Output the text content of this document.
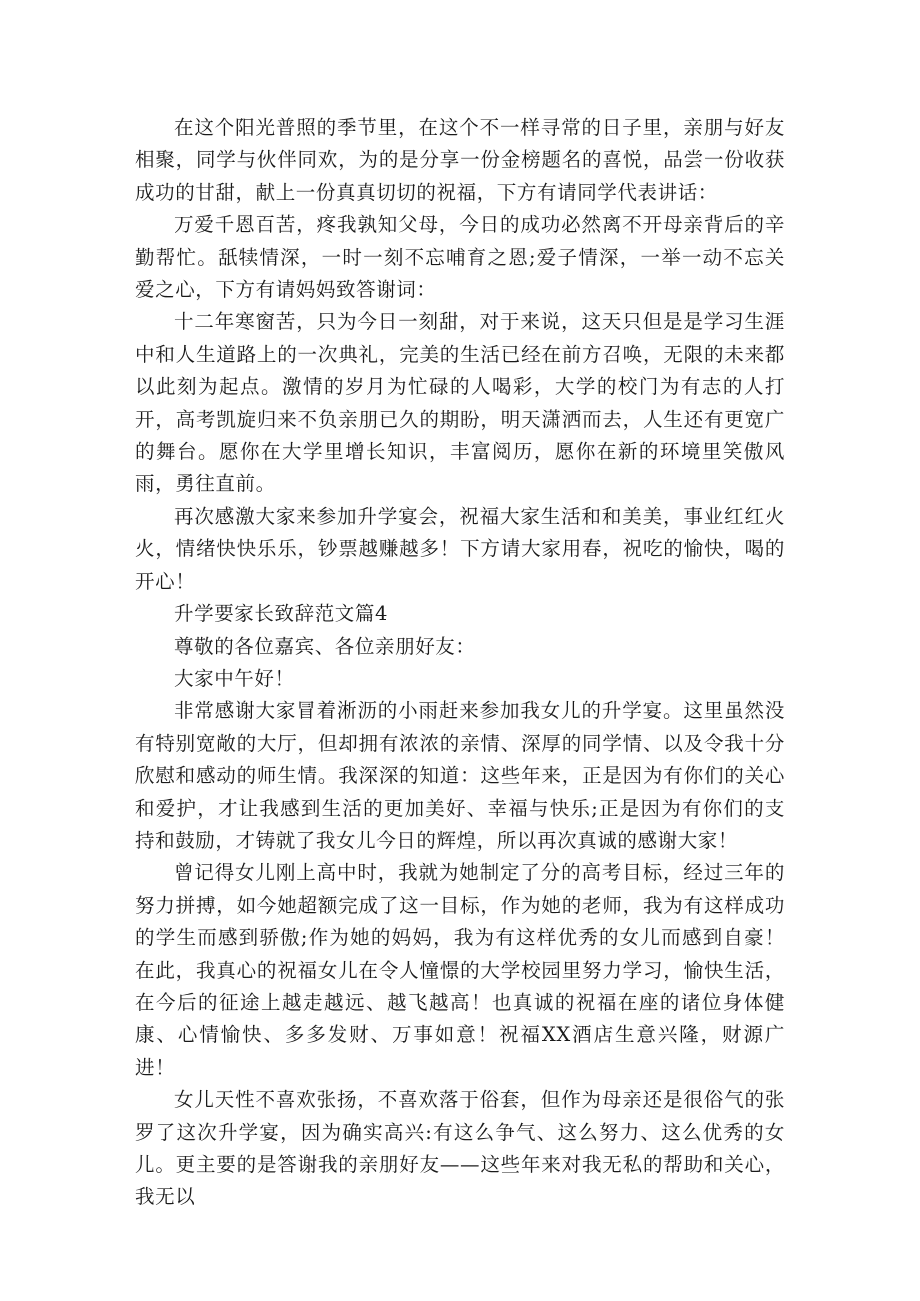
在这个阳光普照的季节里，在这个不一样寻常的日子里，亲朋与好友相聚，同学与伙伴同欢，为的是分享一份金榜题名的喜悦，品尝一份收获成功的甘甜，献上一份真真切切的祝福，下方有请同学代表讲话：

万爱千恩百苦，疼我孰知父母，今日的成功必然离不开母亲背后的辛勤帮忙。舐犊情深，一时一刻不忘哺育之恩;爱子情深，一举一动不忘关爱之心，下方有请妈妈致答谢词：

十二年寒窗苦，只为今日一刻甜，对于来说，这天只但是是学习生涯中和人生道路上的一次典礼，完美的生活已经在前方召唤，无限的未来都以此刻为起点。激情的岁月为忙碌的人喝彩，大学的校门为有志的人打开，高考凯旋归来不负亲朋已久的期盼，明天潇洒而去，人生还有更宽广的舞台。愿你在大学里增长知识，丰富阅历，愿你在新的环境里笑傲风雨，勇往直前。

再次感激大家来参加升学宴会，祝福大家生活和和美美，事业红红火火，情绪快快乐乐，钞票越赚越多！下方请大家用春，祝吃的愉快，喝的开心！

升学要家长致辞范文篇4

尊敬的各位嘉宾、各位亲朋好友：

大家中午好！

非常感谢大家冒着淅沥的小雨赶来参加我女儿的升学宴。这里虽然没有特别宽敞的大厅，但却拥有浓浓的亲情、深厚的同学情、以及令我十分欣慰和感动的师生情。我深深的知道：这些年来，正是因为有你们的关心和爱护，才让我感到生活的更加美好、幸福与快乐;正是因为有你们的支持和鼓励，才铸就了我女儿今日的辉煌，所以再次真诚的感谢大家！

曾记得女儿刚上高中时，我就为她制定了分的高考目标，经过三年的努力拼搏，如今她超额完成了这一目标，作为她的老师，我为有这样成功的学生而感到骄傲;作为她的妈妈，我为有这样优秀的女儿而感到自豪！在此，我真心的祝福女儿在令人憧憬的大学校园里努力学习，愉快生活，在今后的征途上越走越远、越飞越高！也真诚的祝福在座的诸位身体健康、心情愉快、多多发财、万事如意！祝福XX酒店生意兴隆，财源广进！

女儿天性不喜欢张扬，不喜欢落于俗套，但作为母亲还是很俗气的张罗了这次升学宴，因为确实高兴:有这么争气、这么努力、这么优秀的女儿。更主要的是答谢我的亲朋好友——这些年来对我无私的帮助和关心，我无以
